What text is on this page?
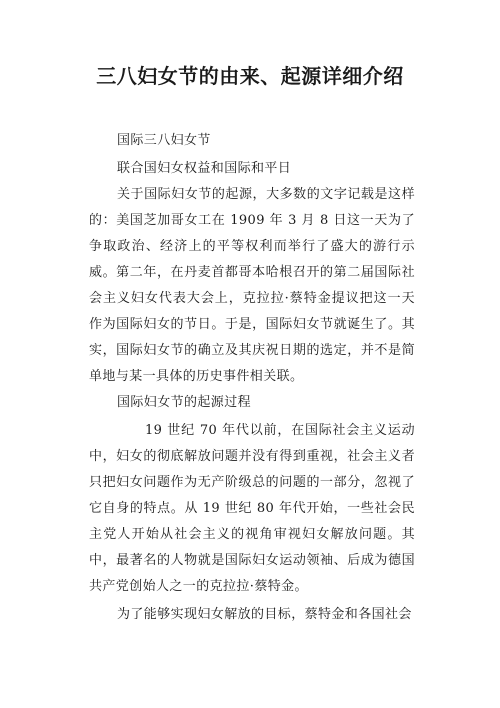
三八妇女节的由来、起源详细介绍

国际三八妇女节

联合国妇女权益和国际和平日

关于国际妇女节的起源，大多数的文字记载是这样的：美国芝加哥女工在 1909 年 3 月 8 日这一天为了争取政治、经济上的平等权利而举行了盛大的游行示威。第二年，在丹麦首都哥本哈根召开的第二届国际社会主义妇女代表大会上，克拉拉·蔡特金提议把这一天作为国际妇女的节日。于是，国际妇女节就诞生了。其实，国际妇女节的确立及其庆祝日期的选定，并不是简单地与某一具体的历史事件相关联。

国际妇女节的起源过程

19 世纪 70 年代以前，在国际社会主义运动中，妇女的彻底解放问题并没有得到重视，社会主义者只把妇女问题作为无产阶级总的问题的一部分，忽视了它自身的特点。从 19 世纪 80 年代开始，一些社会民主党人开始从社会主义的视角审视妇女解放问题。其中，最著名的人物就是国际妇女运动领袖、后成为德国共产党创始人之一的克拉拉·蔡特金。

为了能够实现妇女解放的目标，蔡特金和各国社会
